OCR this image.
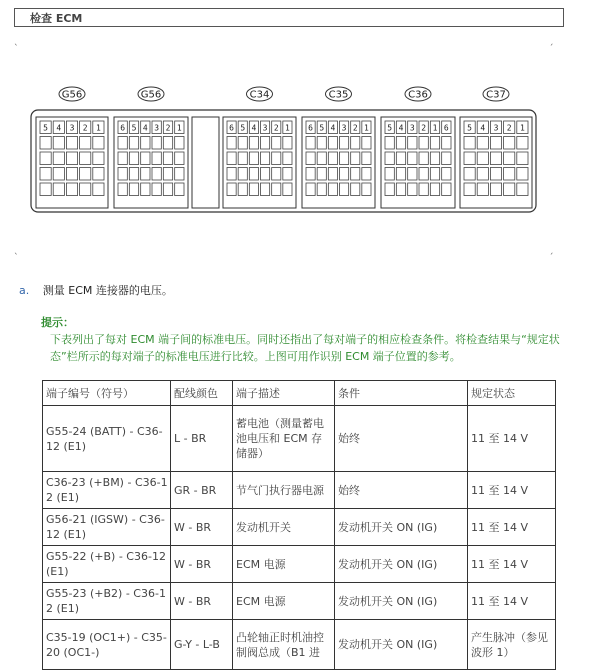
检查 ECM
ˋ	ˊ
G56
5 4 3 2 1
G56
6 5 4 3 2 1
C34
6 5 4 3 2 1
C35
6 5 4 3 2 1
C36
5 4 3 2 1 6
C37
5 4 3 2 1
ˋ	ˊ
a. 测量 ECM 连接器的电压。
提示：
下表列出了每对 ECM 端子间的标准电压。同时还指出了每对端子的相应检查条件。将检查结果与“规定状态”栏所示的每对端子的标准电压进行比较。上图可用作识别 ECM 端子位置的参考。
端子编号（符号）	配线颜色	端子描述	条件	规定状态
G55-24 (BATT) - C36-12 (E1)	L - BR	蓄电池（测量蓄电池电压和 ECM 存储器）	始终	11 至 14 V
C36-23 (+BM) - C36-12 (E1)	GR - BR	节气门执行器电源	始终	11 至 14 V
G56-21 (IGSW) - C36-12 (E1)	W - BR	发动机开关	发动机开关 ON (IG)	11 至 14 V
G55-22 (+B) - C36-12 (E1)	W - BR	ECM 电源	发动机开关 ON (IG)	11 至 14 V
G55-23 (+B2) - C36-12 (E1)	W - BR	ECM 电源	发动机开关 ON (IG)	11 至 14 V
C35-19 (OC1+) - C35-20 (OC1-)	G-Y - L-B	凸轮轴正时机油控制阀总成（B1 进	发动机开关 ON (IG)	产生脉冲（参见波形 1）
